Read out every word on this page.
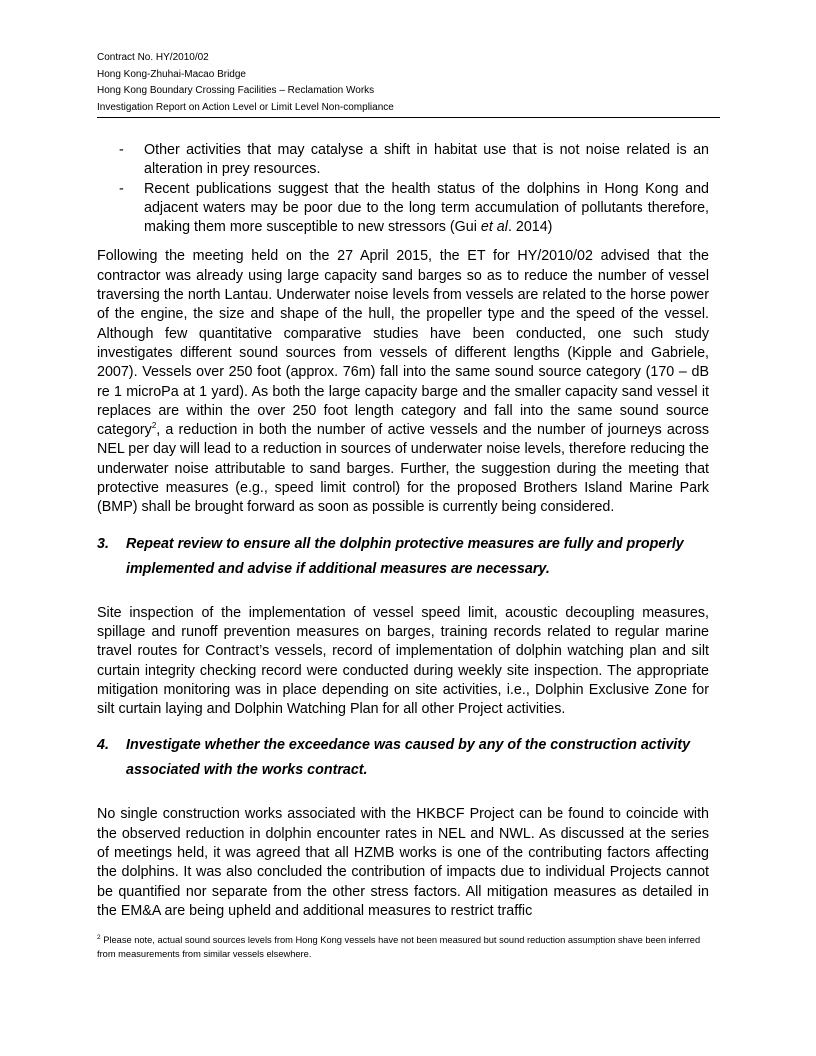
Contract No. HY/2010/02
Hong Kong-Zhuhai-Macao Bridge
Hong Kong Boundary Crossing Facilities – Reclamation Works
Investigation Report on Action Level or Limit Level Non-compliance
- Other activities that may catalyse a shift in habitat use that is not noise related is an alteration in prey resources.
- Recent publications suggest that the health status of the dolphins in Hong Kong and adjacent waters may be poor due to the long term accumulation of pollutants therefore, making them more susceptible to new stressors (Gui et al. 2014)

Following the meeting held on the 27 April 2015, the ET for HY/2010/02 advised that the contractor was already using large capacity sand barges so as to reduce the number of vessel traversing the north Lantau. Underwater noise levels from vessels are related to the horse power of the engine, the size and shape of the hull, the propeller type and the speed of the vessel. Although few quantitative comparative studies have been conducted, one such study investigates different sound sources from vessels of different lengths (Kipple and Gabriele, 2007). Vessels over 250 foot (approx. 76m) fall into the same sound source category (170 – dB re 1 microPa at 1 yard). As both the large capacity barge and the smaller capacity sand vessel it replaces are within the over 250 foot length category and fall into the same sound source category$^2$, a reduction in both the number of active vessels and the number of journeys across NEL per day will lead to a reduction in sources of underwater noise levels, therefore reducing the underwater noise attributable to sand barges. Further, the suggestion during the meeting that protective measures (e.g., speed limit control) for the proposed Brothers Island Marine Park (BMP) shall be brought forward as soon as possible is currently being considered.

3. Repeat review to ensure all the dolphin protective measures are fully and properly implemented and advise if additional measures are necessary.

Site inspection of the implementation of vessel speed limit, acoustic decoupling measures, spillage and runoff prevention measures on barges, training records related to regular marine travel routes for Contract’s vessels, record of implementation of dolphin watching plan and silt curtain integrity checking record were conducted during weekly site inspection. The appropriate mitigation monitoring was in place depending on site activities, i.e., Dolphin Exclusive Zone for silt curtain laying and Dolphin Watching Plan for all other Project activities.

4. Investigate whether the exceedance was caused by any of the construction activity associated with the works contract.

No single construction works associated with the HKBCF Project can be found to coincide with the observed reduction in dolphin encounter rates in NEL and NWL. As discussed at the series of meetings held, it was agreed that all HZMB works is one of the contributing factors affecting the dolphins. It was also concluded the contribution of impacts due to individual Projects cannot be quantified nor separate from the other stress factors. All mitigation measures as detailed in the EM&A are being upheld and additional measures to restrict traffic

$^2$ Please note, actual sound sources levels from Hong Kong vessels have not been measured but sound reduction assumption shave been inferred from measurements from similar vessels elsewhere.
